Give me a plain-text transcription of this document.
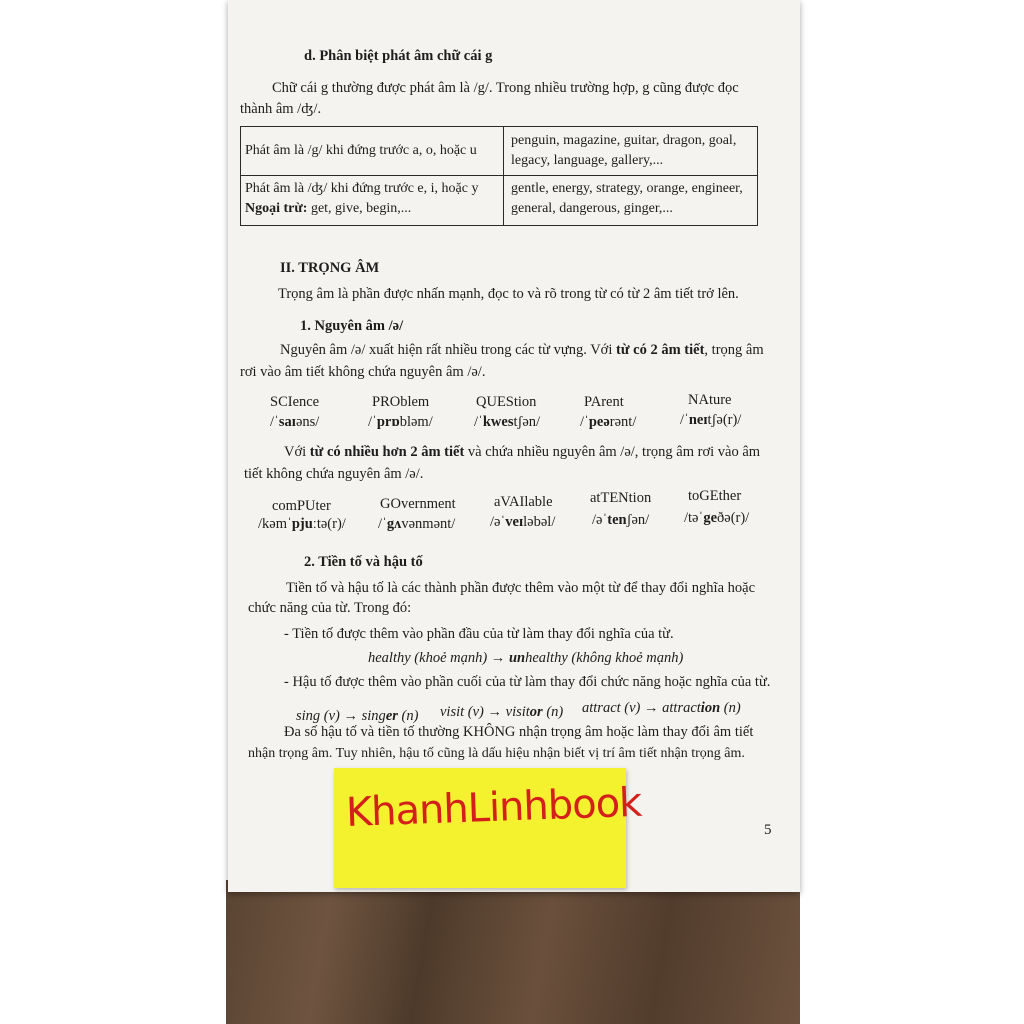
d. Phân biệt phát âm chữ cái g
Chữ cái g thường được phát âm là /g/. Trong nhiều trường hợp, g cũng được đọc
thành âm /ʤ/.
Phát âm là /g/ khi đứng trước a, o, hoặc u
penguin, magazine, guitar, dragon, goal,
legacy, language, gallery,...
Phát âm là /ʤ/ khi đứng trước e, i, hoặc y
Ngoại trừ: get, give, begin,...
gentle, energy, strategy, orange, engineer,
general, dangerous, ginger,...
II. TRỌNG ÂM
Trọng âm là phần được nhấn mạnh, đọc to và rõ trong từ có từ 2 âm tiết trở lên.
1. Nguyên âm /ə/
Nguyên âm /ə/ xuất hiện rất nhiều trong các từ vựng. Với từ có 2 âm tiết, trọng âm
rơi vào âm tiết không chứa nguyên âm /ə/.
SCIence
/ˈsaɪəns/
PROblem
/ˈprɒbləm/
QUEStion
/ˈkwestʃən/
PArent
/ˈpeərənt/
NAture
/ˈneɪtʃə(r)/
Với từ có nhiều hơn 2 âm tiết và chứa nhiều nguyên âm /ə/, trọng âm rơi vào âm
tiết không chứa nguyên âm /ə/.
comPUter
/kəmˈpjuːtə(r)/
GOvernment
/ˈgʌvənmənt/
aVAIlable
/əˈveɪləbəl/
atTENtion
/əˈtenʃən/
toGEther
/təˈgeðə(r)/
2. Tiền tố và hậu tố
Tiền tố và hậu tố là các thành phần được thêm vào một từ để thay đổi nghĩa hoặc
chức năng của từ. Trong đó:
- Tiền tố được thêm vào phần đầu của từ làm thay đổi nghĩa của từ.
healthy (khoẻ mạnh) → unhealthy (không khoẻ mạnh)
- Hậu tố được thêm vào phần cuối của từ làm thay đổi chức năng hoặc nghĩa của từ.
sing (v) → singer (n) visit (v) → visitor (n) attract (v) → attraction (n)
Đa số hậu tố và tiền tố thường KHÔNG nhận trọng âm hoặc làm thay đổi âm tiết
nhận trọng âm. Tuy nhiên, hậu tố cũng là dấu hiệu nhận biết vị trí âm tiết nhận trọng âm.
5
KhanhLinhbook
